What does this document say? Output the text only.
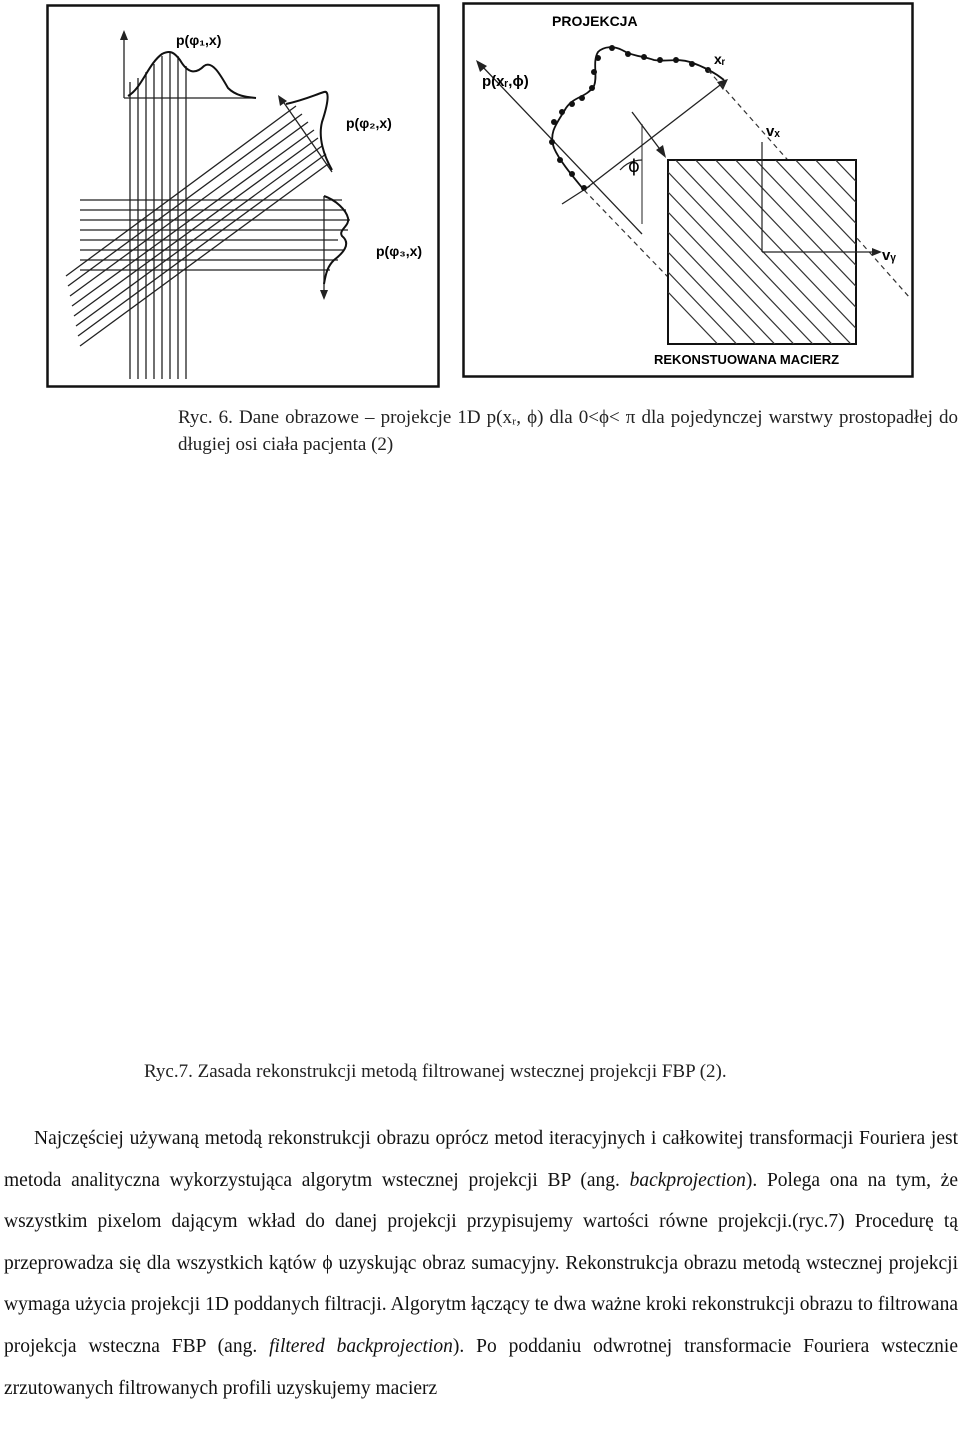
p(φ₁,x)
p(φ₂,x)
p(φ₃,x)
PROJEKCJA
ϕ
p(xᵣ,ϕ)
xᵣ
vₓ
vᵧ
REKONSTUOWANA MACIERZ
Ryc. 6. Dane obrazowe – projekcje 1D p(xᵣ, ϕ) dla 0<ϕ< π dla pojedynczej warstwy prostopadłej do długiej osi ciała pacjenta (2)
Ryc.7. Zasada rekonstrukcji metodą filtrowanej wstecznej projekcji FBP (2).
Najczęściej używaną metodą rekonstrukcji obrazu oprócz metod iteracyjnych i całkowitej transformacji Fouriera jest metoda analityczna wykorzystująca algorytm wstecznej projekcji BP (ang. backprojection). Polega ona na tym, że wszystkim pixelom dającym wkład do danej projekcji przypisujemy wartości równe projekcji.(ryc.7) Procedurę tą przeprowadza się dla wszystkich kątów ϕ uzyskując obraz sumacyjny. Rekonstrukcja obrazu metodą wstecznej projekcji wymaga użycia projekcji 1D poddanych filtracji. Algorytm łączący te dwa ważne kroki rekonstrukcji obrazu to filtrowana projekcja wsteczna FBP (ang. filtered backprojection). Po poddaniu odwrotnej transformacie Fouriera wstecznie zrzutowanych filtrowanych profili uzyskujemy macierz
